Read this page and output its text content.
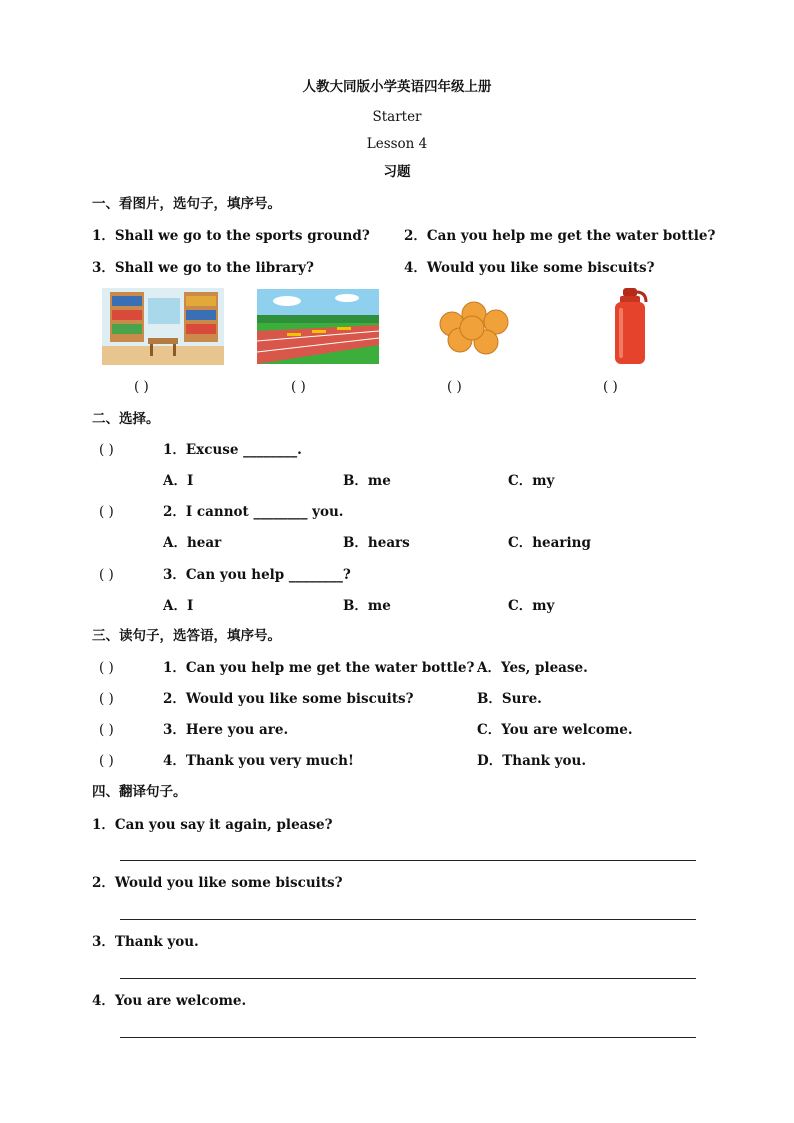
人教大同版小学英语四年级上册
Starter
Lesson 4
习题
一、看图片，选句子，填序号。
1．Shall we go to the sports ground?	2．Can you help me get the water bottle?
3．Shall we go to the library?	4．Would you like some biscuits?
( )	( )	( )	( )
二、选择。
( )	1．Excuse ________.
A．I	B．me	C．my
( )	2．I cannot ________ you.
A．hear	B．hears	C．hearing
( )	3．Can you help ________?
A．I	B．me	C．my
三、读句子，选答语，填序号。
( )	1．Can you help me get the water bottle? A．Yes, please.
( )	2．Would you like some biscuits?	B．Sure.
( )	3．Here you are.	C．You are welcome.
( )	4．Thank you very much!	D．Thank you.
四、翻译句子。
1．Can you say it again, please?
2．Would you like some biscuits?
3．Thank you.
4．You are welcome.
